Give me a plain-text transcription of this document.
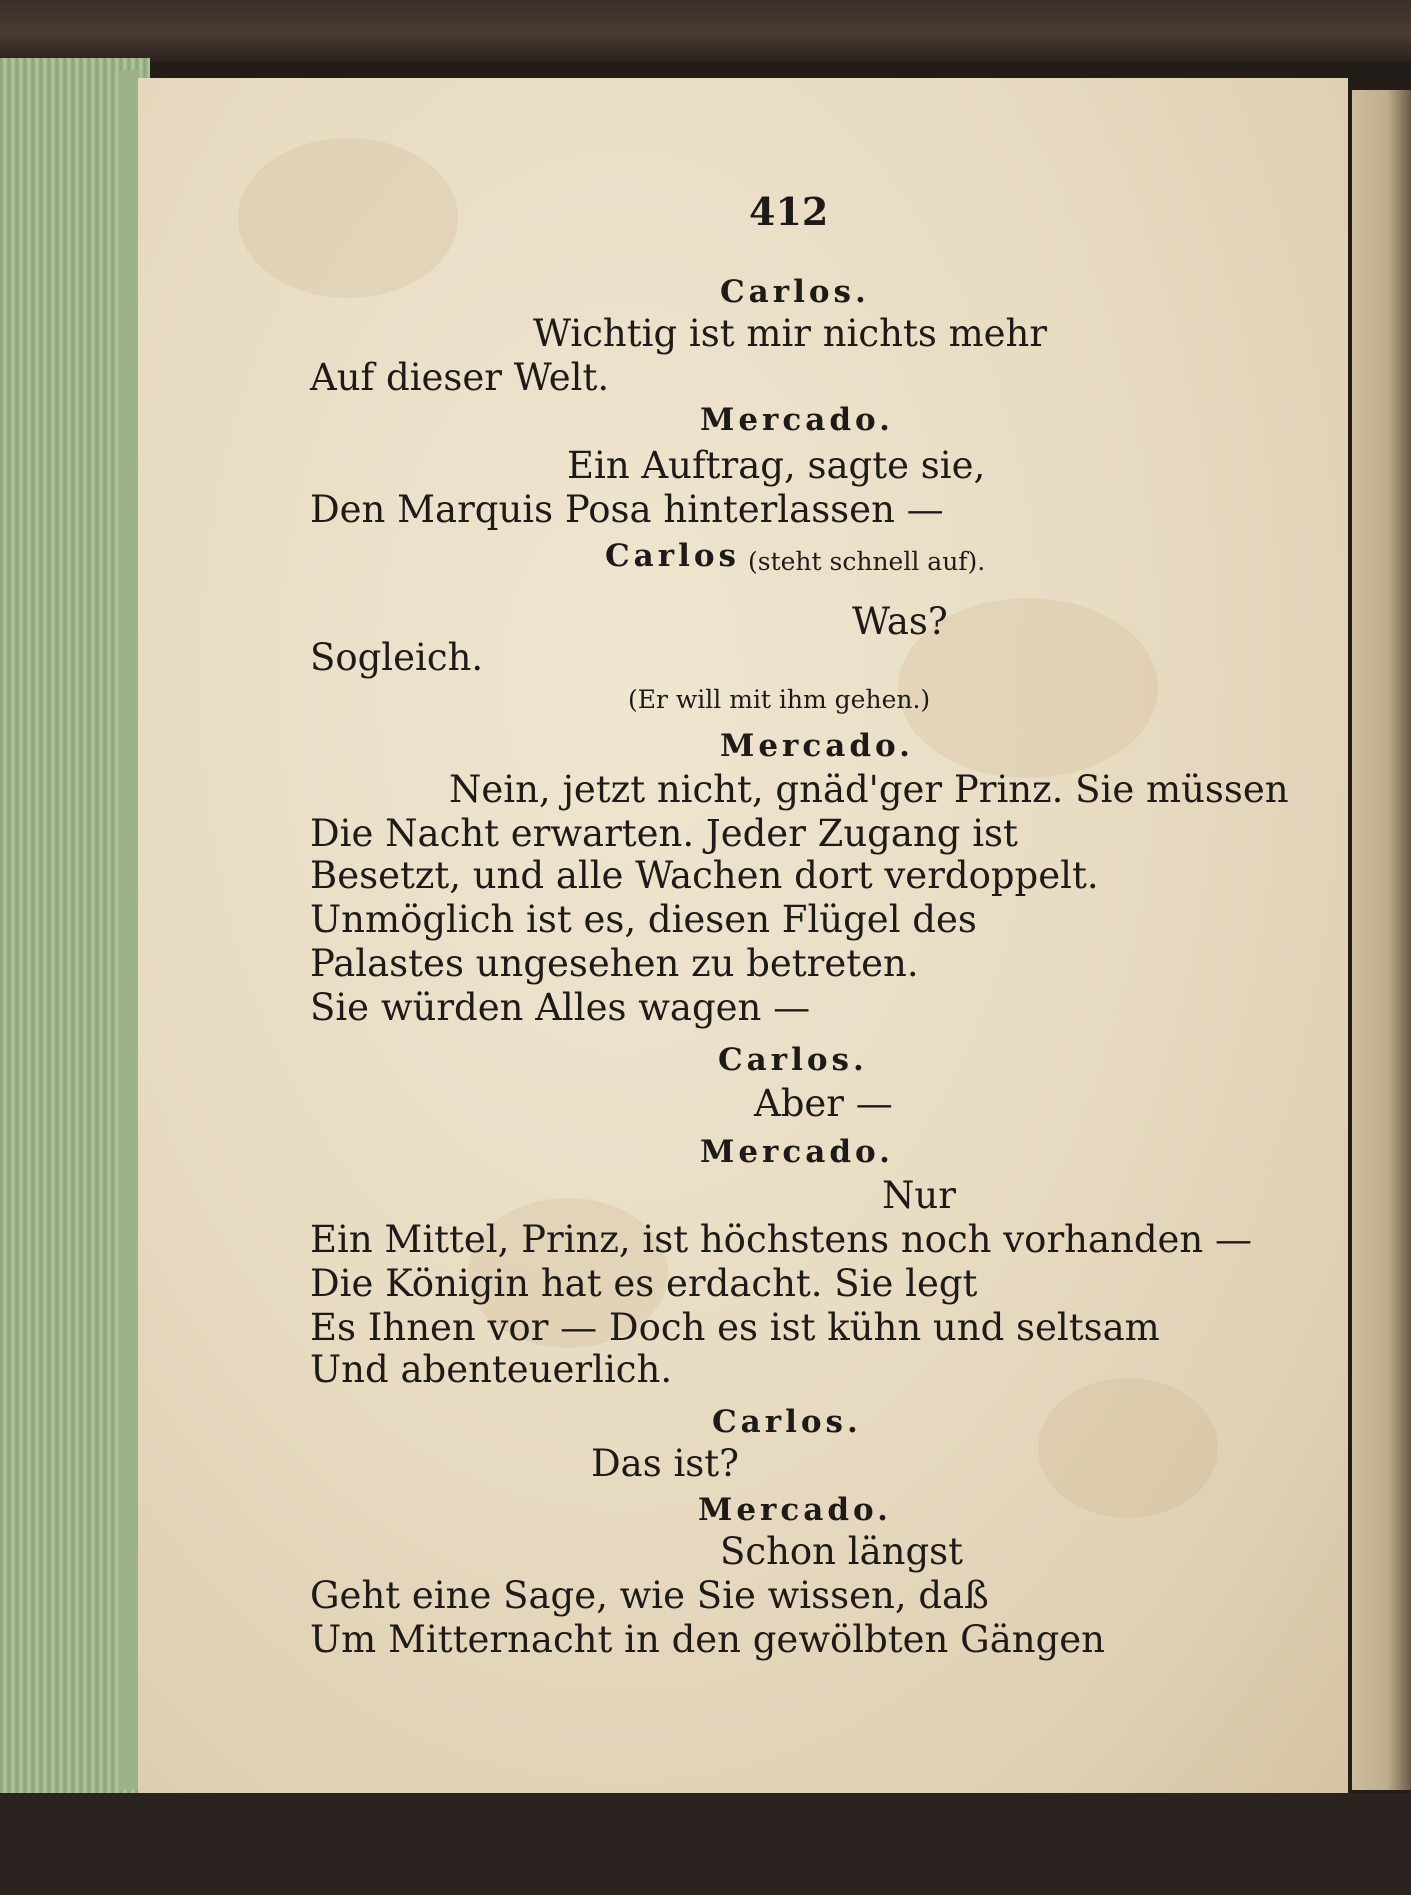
412
Carlos.
Wichtig ist mir nichts mehr
Auf dieser Welt.
Mercado.
Ein Auftrag, sagte sie,
Den Marquis Posa hinterlassen —
Carlos (steht schnell auf).
Was?
Sogleich.
(Er will mit ihm gehen.)
Mercado.
Nein, jetzt nicht, gnäd'ger Prinz. Sie müssen
Die Nacht erwarten. Jeder Zugang ist
Besetzt, und alle Wachen dort verdoppelt.
Unmöglich ist es, diesen Flügel des
Palastes ungesehen zu betreten.
Sie würden Alles wagen —
Carlos.
Aber —
Mercado.
Nur
Ein Mittel, Prinz, ist höchstens noch vorhanden —
Die Königin hat es erdacht. Sie legt
Es Ihnen vor — Doch es ist kühn und seltsam
Und abenteuerlich.
Carlos.
Das ist?
Mercado.
Schon längst
Geht eine Sage, wie Sie wissen, daß
Um Mitternacht in den gewölbten Gängen
